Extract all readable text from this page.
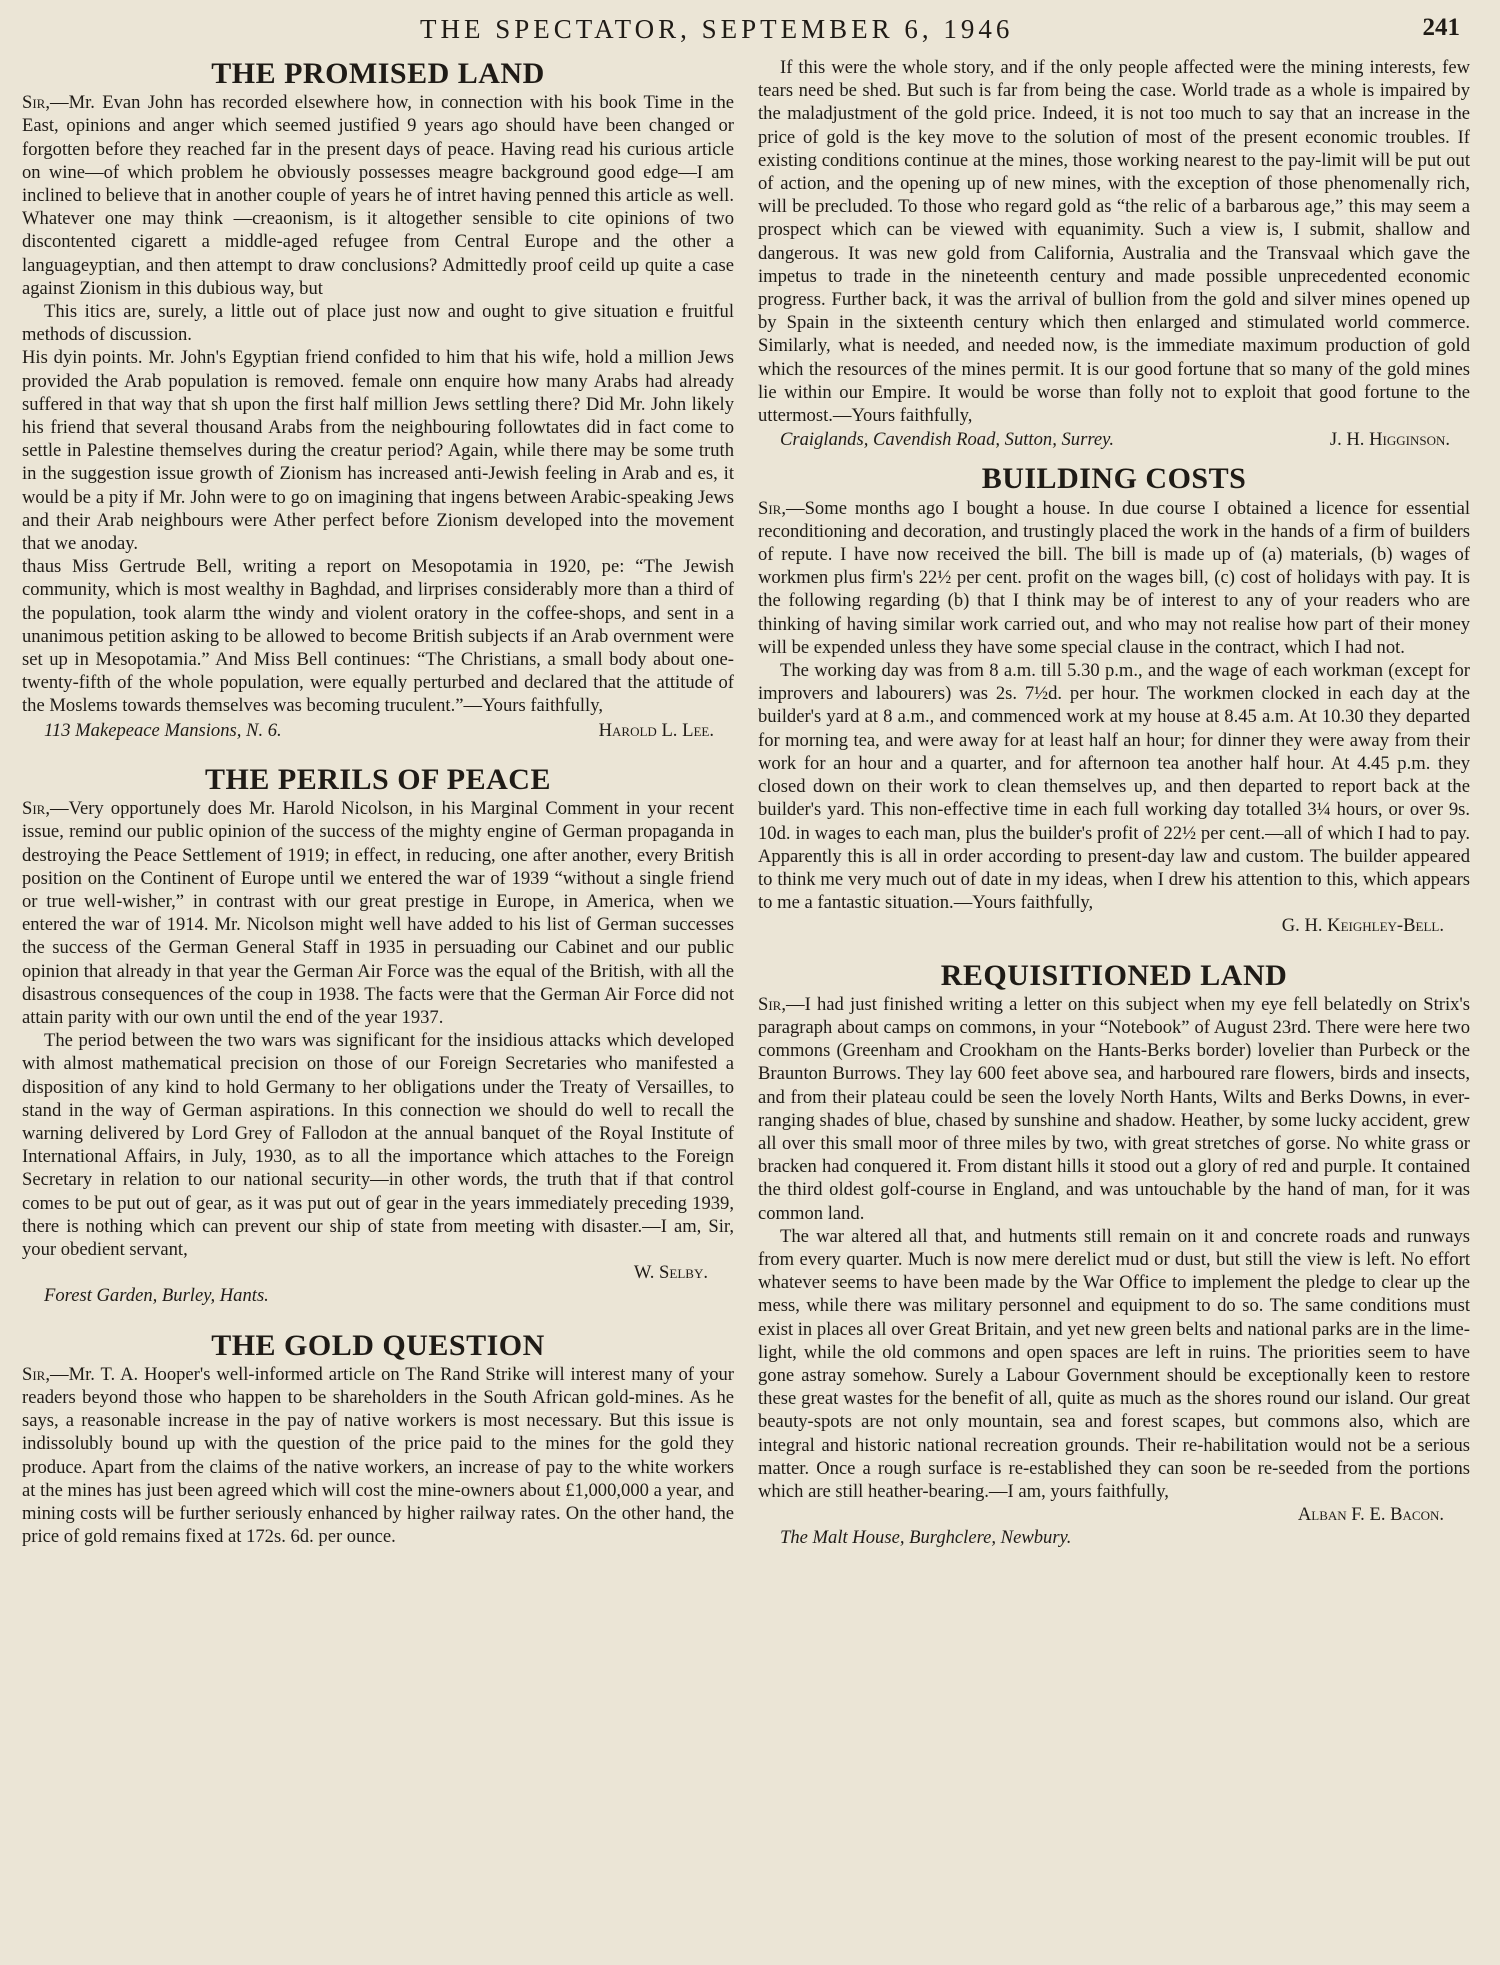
THE SPECTATOR, SEPTEMBER 6, 1946	241
THE PROMISED LAND

Sir,—Mr. Evan John has recorded elsewhere how, in connection with his book Time in the East, opinions and anger which seemed justified 9 years ago should have been changed or forgotten before they reached far in the present days of peace. Having read his curious article on wine—of which problem he obviously possesses meagre background good edge—I am inclined to believe that in another couple of years he of intret having penned this article as well. Whatever one may think —creaonism, is it altogether sensible to cite opinions of two discontented cigarett a middle-aged refugee from Central Europe and the other a languageyptian, and then attempt to draw conclusions? Admittedly proof ceild up quite a case against Zionism in this dubious way, but

This itics are, surely, a little out of place just now and ought to give situation e fruitful methods of discussion.

His dyin points. Mr. John's Egyptian friend confided to him that his wife, hold a million Jews provided the Arab population is removed. female onn enquire how many Arabs had already suffered in that way that sh upon the first half million Jews settling there? Did Mr. John likely his friend that several thousand Arabs from the neighbouring followtates did in fact come to settle in Palestine themselves during the creatur period? Again, while there may be some truth in the suggestion issue growth of Zionism has increased anti-Jewish feeling in Arab and es, it would be a pity if Mr. John were to go on imagining that ingens between Arabic-speaking Jews and their Arab neighbours were Ather perfect before Zionism developed into the movement that we anoday.

thaus Miss Gertrude Bell, writing a report on Mesopotamia in 1920, pe: “The Jewish community, which is most wealthy in Baghdad, and lirprises considerably more than a third of the population, took alarm tthe windy and violent oratory in the coffee-shops, and sent in a unanimous petition asking to be allowed to become British subjects if an Arab overnment were set up in Mesopotamia.” And Miss Bell continues: “The Christians, a small body about one-twenty-fifth of the whole population, were equally perturbed and declared that the attitude of the Moslems towards themselves was becoming truculent.”—Yours faithfully,

113 Makepeace Mansions, N. 6.	Harold L. Lee.
THE PERILS OF PEACE

Sir,—Very opportunely does Mr. Harold Nicolson, in his Marginal Comment in your recent issue, remind our public opinion of the success of the mighty engine of German propaganda in destroying the Peace Settlement of 1919; in effect, in reducing, one after another, every British position on the Continent of Europe until we entered the war of 1939 “without a single friend or true well-wisher,” in contrast with our great prestige in Europe, in America, when we entered the war of 1914. Mr. Nicolson might well have added to his list of German successes the success of the German General Staff in 1935 in persuading our Cabinet and our public opinion that already in that year the German Air Force was the equal of the British, with all the disastrous consequences of the coup in 1938. The facts were that the German Air Force did not attain parity with our own until the end of the year 1937.

The period between the two wars was significant for the insidious attacks which developed with almost mathematical precision on those of our Foreign Secretaries who manifested a disposition of any kind to hold Germany to her obligations under the Treaty of Versailles, to stand in the way of German aspirations. In this connection we should do well to recall the warning delivered by Lord Grey of Fallodon at the annual banquet of the Royal Institute of International Affairs, in July, 1930, as to all the importance which attaches to the Foreign Secretary in relation to our national security—in other words, the truth that if that control comes to be put out of gear, as it was put out of gear in the years immediately preceding 1939, there is nothing which can prevent our ship of state from meeting with disaster.—I am, Sir, your obedient servant,

W. Selby.
Forest Garden, Burley, Hants.
THE GOLD QUESTION

Sir,—Mr. T. A. Hooper's well-informed article on The Rand Strike will interest many of your readers beyond those who happen to be shareholders in the South African gold-mines. As he says, a reasonable increase in the pay of native workers is most necessary. But this issue is indissolubly bound up with the question of the price paid to the mines for the gold they produce. Apart from the claims of the native workers, an increase of pay to the white workers at the mines has just been agreed which will cost the mine-owners about £1,000,000 a year, and mining costs will be further seriously enhanced by higher railway rates. On the other hand, the price of gold remains fixed at 172s. 6d. per ounce.

If this were the whole story, and if the only people affected were the mining interests, few tears need be shed. But such is far from being the case. World trade as a whole is impaired by the maladjustment of the gold price. Indeed, it is not too much to say that an increase in the price of gold is the key move to the solution of most of the present economic troubles. If existing conditions continue at the mines, those working nearest to the pay-limit will be put out of action, and the opening up of new mines, with the exception of those phenomenally rich, will be precluded. To those who regard gold as “the relic of a barbarous age,” this may seem a prospect which can be viewed with equanimity. Such a view is, I submit, shallow and dangerous. It was new gold from California, Australia and the Transvaal which gave the impetus to trade in the nineteenth century and made possible unprecedented economic progress. Further back, it was the arrival of bullion from the gold and silver mines opened up by Spain in the sixteenth century which then enlarged and stimulated world commerce. Similarly, what is needed, and needed now, is the immediate maximum production of gold which the resources of the mines permit. It is our good fortune that so many of the gold mines lie within our Empire. It would be worse than folly not to exploit that good fortune to the uttermost.—Yours faithfully,

Craiglands, Cavendish Road, Sutton, Surrey.	J. H. Higginson.
BUILDING COSTS

Sir,—Some months ago I bought a house. In due course I obtained a licence for essential reconditioning and decoration, and trustingly placed the work in the hands of a firm of builders of repute. I have now received the bill. The bill is made up of (a) materials, (b) wages of workmen plus firm's 22½ per cent. profit on the wages bill, (c) cost of holidays with pay. It is the following regarding (b) that I think may be of interest to any of your readers who are thinking of having similar work carried out, and who may not realise how part of their money will be expended unless they have some special clause in the contract, which I had not.

The working day was from 8 a.m. till 5.30 p.m., and the wage of each workman (except for improvers and labourers) was 2s. 7½d. per hour. The workmen clocked in each day at the builder's yard at 8 a.m., and commenced work at my house at 8.45 a.m. At 10.30 they departed for morning tea, and were away for at least half an hour; for dinner they were away from their work for an hour and a quarter, and for afternoon tea another half hour. At 4.45 p.m. they closed down on their work to clean themselves up, and then departed to report back at the builder's yard. This non-effective time in each full working day totalled 3¼ hours, or over 9s. 10d. in wages to each man, plus the builder's profit of 22½ per cent.—all of which I had to pay. Apparently this is all in order according to present-day law and custom. The builder appeared to think me very much out of date in my ideas, when I drew his attention to this, which appears to me a fantastic situation.—Yours faithfully,

G. H. Keighley-Bell.
REQUISITIONED LAND

Sir,—I had just finished writing a letter on this subject when my eye fell belatedly on Strix's paragraph about camps on commons, in your “Notebook” of August 23rd. There were here two commons (Greenham and Crookham on the Hants-Berks border) lovelier than Purbeck or the Braunton Burrows. They lay 600 feet above sea, and harboured rare flowers, birds and insects, and from their plateau could be seen the lovely North Hants, Wilts and Berks Downs, in ever-ranging shades of blue, chased by sunshine and shadow. Heather, by some lucky accident, grew all over this small moor of three miles by two, with great stretches of gorse. No white grass or bracken had conquered it. From distant hills it stood out a glory of red and purple. It contained the third oldest golf-course in England, and was untouchable by the hand of man, for it was common land.

The war altered all that, and hutments still remain on it and concrete roads and runways from every quarter. Much is now mere derelict mud or dust, but still the view is left. No effort whatever seems to have been made by the War Office to implement the pledge to clear up the mess, while there was military personnel and equipment to do so. The same conditions must exist in places all over Great Britain, and yet new green belts and national parks are in the lime-light, while the old commons and open spaces are left in ruins. The priorities seem to have gone astray somehow. Surely a Labour Government should be exceptionally keen to restore these great wastes for the benefit of all, quite as much as the shores round our island. Our great beauty-spots are not only mountain, sea and forest scapes, but commons also, which are integral and historic national recreation grounds. Their re-habilitation would not be a serious matter. Once a rough surface is re-established they can soon be re-seeded from the portions which are still heather-bearing.—I am, yours faithfully,

Alban F. E. Bacon.
The Malt House, Burghclere, Newbury.
